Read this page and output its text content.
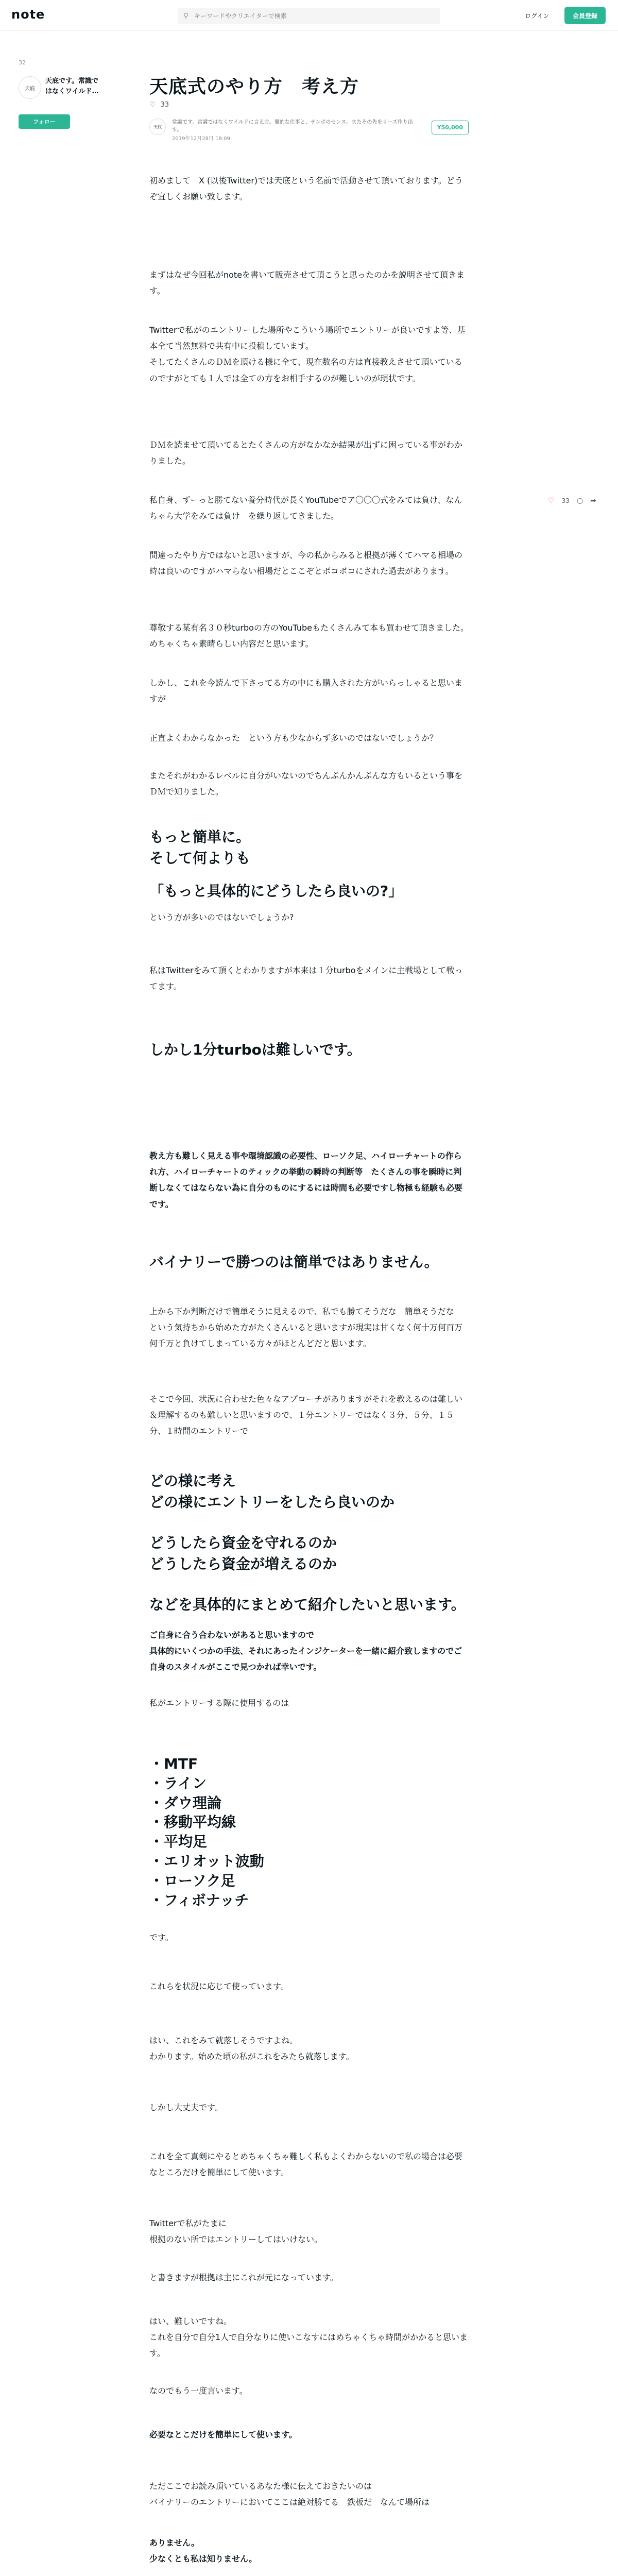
note	⚲
キーワードやクリエイターで検索	ログイン	会員登録
32
天底
天底です。常識ではなくワイルド…
フォロー
天底式のやり方　考え方
♡ 33
天底
常識です。常識ではなくワイルドに言え方。徹的な仕事と、テンポのセンス。またその先をリーズ作り出す。
2019年12月28日 18:09
¥50,000
♡ 33 ○ ➦
初めまして　X (以後Twitter)では天底という名前で活動させて頂いております。どうぞ宜しくお願い致します。
まずはなぜ今回私がnoteを書いて販売させて頂こうと思ったのかを説明させて頂きます。
Twitterで私がのエントリーした場所やこういう場所でエントリーが良いですよ等、基本全て当然無料で共有中に投稿しています。
そしてたくさんのＤＭを頂ける様に全て、現在数名の方は直接教えさせて頂いているのですがとても１人では全ての方をお相手するのが難しいのが現状です。
ＤＭを読ませて頂いてるとたくさんの方がなかなか結果が出ずに困っている事がわかりました。
私自身、ずーっと勝てない養分時代が長くYouTubeでア〇〇〇式をみては負け、なんちゃら大学をみては負け　を繰り返してきました。
間違ったやり方ではないと思いますが、今の私からみると根拠が薄くてハマる相場の時は良いのですがハマらない相場だとここぞとボコボコにされた過去があります。
尊敬する某有名３０秒turboの方のYouTubeもたくさんみて本も買わせて頂きました。
めちゃくちゃ素晴らしい内容だと思います。
しかし、これを今読んで下さってる方の中にも購入された方がいらっしゃると思いますが
正直よくわからなかった　という方も少なからず多いのではないでしょうか？
またそれがわかるレベルに自分がいないのでちんぷんかんぷんな方もいるという事をＤＭで知りました。
もっと簡単に。
そして何よりも
「もっと具体的にどうしたら良いの?」
という方が多いのではないでしょうか?
私はTwitterをみて頂くとわかりますが本来は１分turboをメインに主戦場として戦ってます。
しかし1分turboは難しいです。
教え方も難しく見える事や環境認識の必要性、ローソク足、ハイローチャートの作られ方、ハイローチャートのティックの挙動の瞬時の判断等　たくさんの事を瞬時に判断しなくてはならない為に自分のものにするには時間も必要ですし物極も経験も必要です。
バイナリーで勝つのは簡単ではありません。
上から下か判断だけで簡単そうに見えるので、私でも勝てそうだな　簡単そうだな　という気持ちから始めた方がたくさんいると思いますが現実は甘くなく何十万何百万何千万と負けてしまっている方々がほとんどだと思います。
そこで今回、状況に合わせた色々なアプローチがありますがそれを教えるのは難しい＆理解するのも難しいと思いますので、１分エントリーではなく３分、５分、１５分、１時間のエントリーで
どの様に考え
どの様にエントリーをしたら良いのか
どうしたら資金を守れるのか
どうしたら資金が増えるのか
などを具体的にまとめて紹介したいと思います。
ご自身に合う合わないがあると思いますので
具体的にいくつかの手法、それにあったインジケーターを一緒に紹介致しますのでご自身のスタイルがここで見つかれば幸いです。
私がエントリーする際に使用するのは
・MTF
・ライン
・ダウ理論
・移動平均線
・平均足
・エリオット波動
・ローソク足
・フィボナッチ
です。
これらを状況に応じて使っています。
はい、これをみて就落しそうですよね。
わかります。始めた頃の私がこれをみたら就落します。
しかし大丈夫です。
これを全て真剣にやるとめちゃくちゃ難しく私もよくわからないので私の場合は必要なところだけを簡単にして使います。
Twitterで私がたまに
根拠のない所ではエントリーしてはいけない。
と書きますが根拠は主にこれが元になっています。
はい、難しいですね。
これを自分で自分1人で自分なりに使いこなすにはめちゃくちゃ時間がかかると思います。
なのでもう一度言います。
必要なとこだけを簡単にして使います。
ただここでお読み頂いているあなた様に伝えておきたいのは
バイナリーのエントリーにおいてここは絶対勝てる　鉄板だ　なんて場所は
ありません。
少なくとも私は知りません。
